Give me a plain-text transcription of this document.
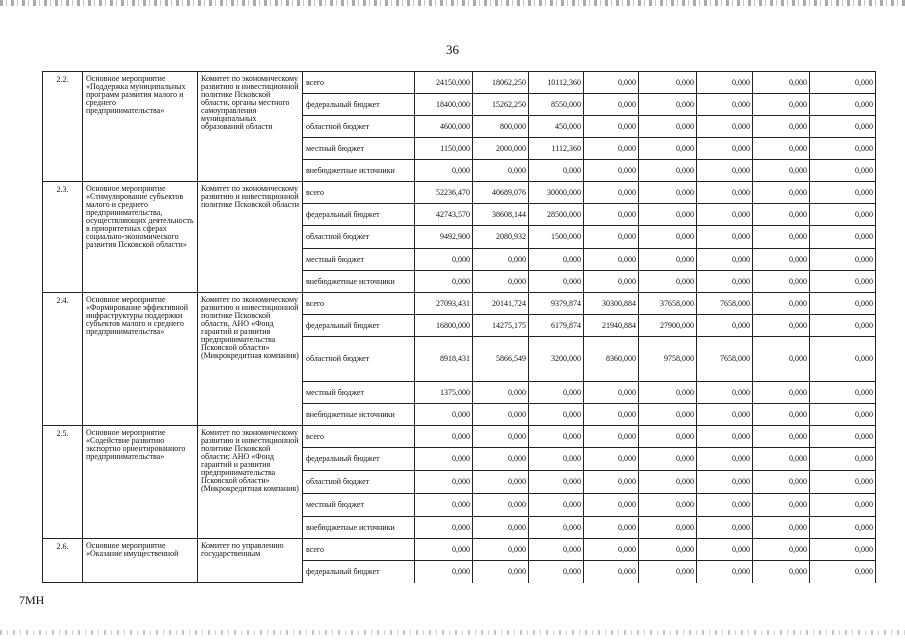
36
2.2.	Основное мероприятие «Поддержка муниципальных программ развития малого и среднего предпринимательства»	Комитет по экономическому развитию и инвестиционной политике Псковской области, органы местного самоуправления муниципальных образований области	всего	24150,000	18062,250	10112,360	0,000	0,000	0,000	0,000	0,000
			федеральный бюджет	18400,000	15262,250	8550,000	0,000	0,000	0,000	0,000	0,000
			областной бюджет	4600,000	800,000	450,000	0,000	0,000	0,000	0,000	0,000
			местный бюджет	1150,000	2000,000	1112,360	0,000	0,000	0,000	0,000	0,000
			внебюджетные источники	0,000	0,000	0,000	0,000	0,000	0,000	0,000	0,000
2.3.	Основное мероприятие «Стимулирование субъектов малого и среднего предпринимательства, осуществляющих деятельность в приоритетных сферах социально-экономического развития Псковской области»	Комитет по экономическому развитию и инвестиционной политике Псковской области	всего	52236,470	40689,076	30000,000	0,000	0,000	0,000	0,000	0,000
			федеральный бюджет	42743,570	38608,144	28500,000	0,000	0,000	0,000	0,000	0,000
			областной бюджет	9492,900	2080,932	1500,000	0,000	0,000	0,000	0,000	0,000
			местный бюджет	0,000	0,000	0,000	0,000	0,000	0,000	0,000	0,000
			внебюджетные источники	0,000	0,000	0,000	0,000	0,000	0,000	0,000	0,000
2.4.	Основное мероприятие «Формирование эффективной инфраструктуры поддержки субъектов малого и среднего предпринимательства»	Комитет по экономическому развитию и инвестиционной политике Псковской области, АНО «Фонд гарантий и развития предпринимательства Псковской области» (Микрокредитная компания)	всего	27093,431	20141,724	9379,874	30300,884	37658,000	7658,000	0,000	0,000
			федеральный бюджет	16800,000	14275,175	6179,874	21940,884	27900,000	0,000	0,000	0,000
			областной бюджет	8918,431	5866,549	3200,000	8360,000	9758,000	7658,000	0,000	0,000
			местный бюджет	1375,000	0,000	0,000	0,000	0,000	0,000	0,000	0,000
			внебюджетные источники	0,000	0,000	0,000	0,000	0,000	0,000	0,000	0,000
2.5.	Основное мероприятие «Содействие развитию экспортно ориентированного предпринимательства»	Комитет по экономическому развитию и инвестиционной политике Псковской области; АНО «Фонд гарантий и развития предпринимательства Псковской области» (Микрокредитная компания)	всего	0,000	0,000	0,000	0,000	0,000	0,000	0,000	0,000
			федеральный бюджет	0,000	0,000	0,000	0,000	0,000	0,000	0,000	0,000
			областной бюджет	0,000	0,000	0,000	0,000	0,000	0,000	0,000	0,000
			местный бюджет	0,000	0,000	0,000	0,000	0,000	0,000	0,000	0,000
			внебюджетные источники	0,000	0,000	0,000	0,000	0,000	0,000	0,000	0,000
2.6.	Основное мероприятие «Оказание имущественной	Комитет по управлению государственным	всего	0,000	0,000	0,000	0,000	0,000	0,000	0,000	0,000
			федеральный бюджет	0,000	0,000	0,000	0,000	0,000	0,000	0,000	0,000
7МН
